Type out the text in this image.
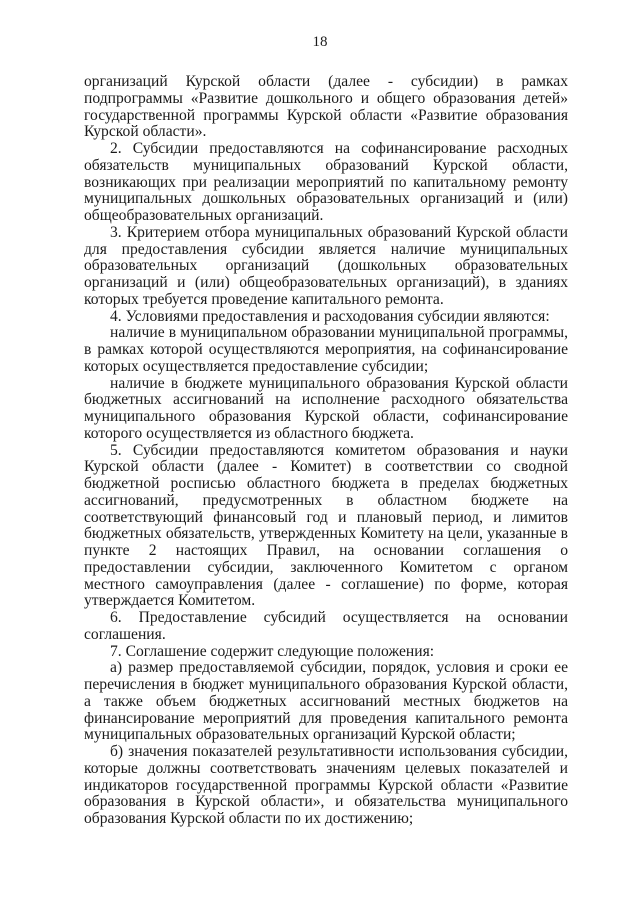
18

организаций Курской области (далее - субсидии) в рамках подпрограммы «Развитие дошкольного и общего образования детей» государственной программы Курской области «Развитие образования Курской области».

2. Субсидии предоставляются на софинансирование расходных обязательств муниципальных образований Курской области, возникающих при реализации мероприятий по капитальному ремонту муниципальных дошкольных образовательных организаций и (или) общеобразовательных организаций.

3. Критерием отбора муниципальных образований Курской области для предоставления субсидии является наличие муниципальных образовательных организаций (дошкольных образовательных организаций и (или) общеобразовательных организаций), в зданиях которых требуется проведение капитального ремонта.

4. Условиями предоставления и расходования субсидии являются:

наличие в муниципальном образовании муниципальной программы, в рамках которой осуществляются мероприятия, на софинансирование которых осуществляется предоставление субсидии;

наличие в бюджете муниципального образования Курской области бюджетных ассигнований на исполнение расходного обязательства муниципального образования Курской области, софинансирование которого осуществляется из областного бюджета.

5. Субсидии предоставляются комитетом образования и науки Курской области (далее - Комитет) в соответствии со сводной бюджетной росписью областного бюджета в пределах бюджетных ассигнований, предусмотренных в областном бюджете на соответствующий финансовый год и плановый период, и лимитов бюджетных обязательств, утвержденных Комитету на цели, указанные в пункте 2 настоящих Правил, на основании соглашения о предоставлении субсидии, заключенного Комитетом с органом местного самоуправления (далее - соглашение) по форме, которая утверждается Комитетом.

6. Предоставление субсидий осуществляется на основании соглашения.

7. Соглашение содержит следующие положения:

а) размер предоставляемой субсидии, порядок, условия и сроки ее перечисления в бюджет муниципального образования Курской области, а также объем бюджетных ассигнований местных бюджетов на финансирование мероприятий для проведения капитального ремонта муниципальных образовательных организаций Курской области;

б) значения показателей результативности использования субсидии, которые должны соответствовать значениям целевых показателей и индикаторов государственной программы Курской области «Развитие образования в Курской области», и обязательства муниципального образования Курской области по их достижению;
